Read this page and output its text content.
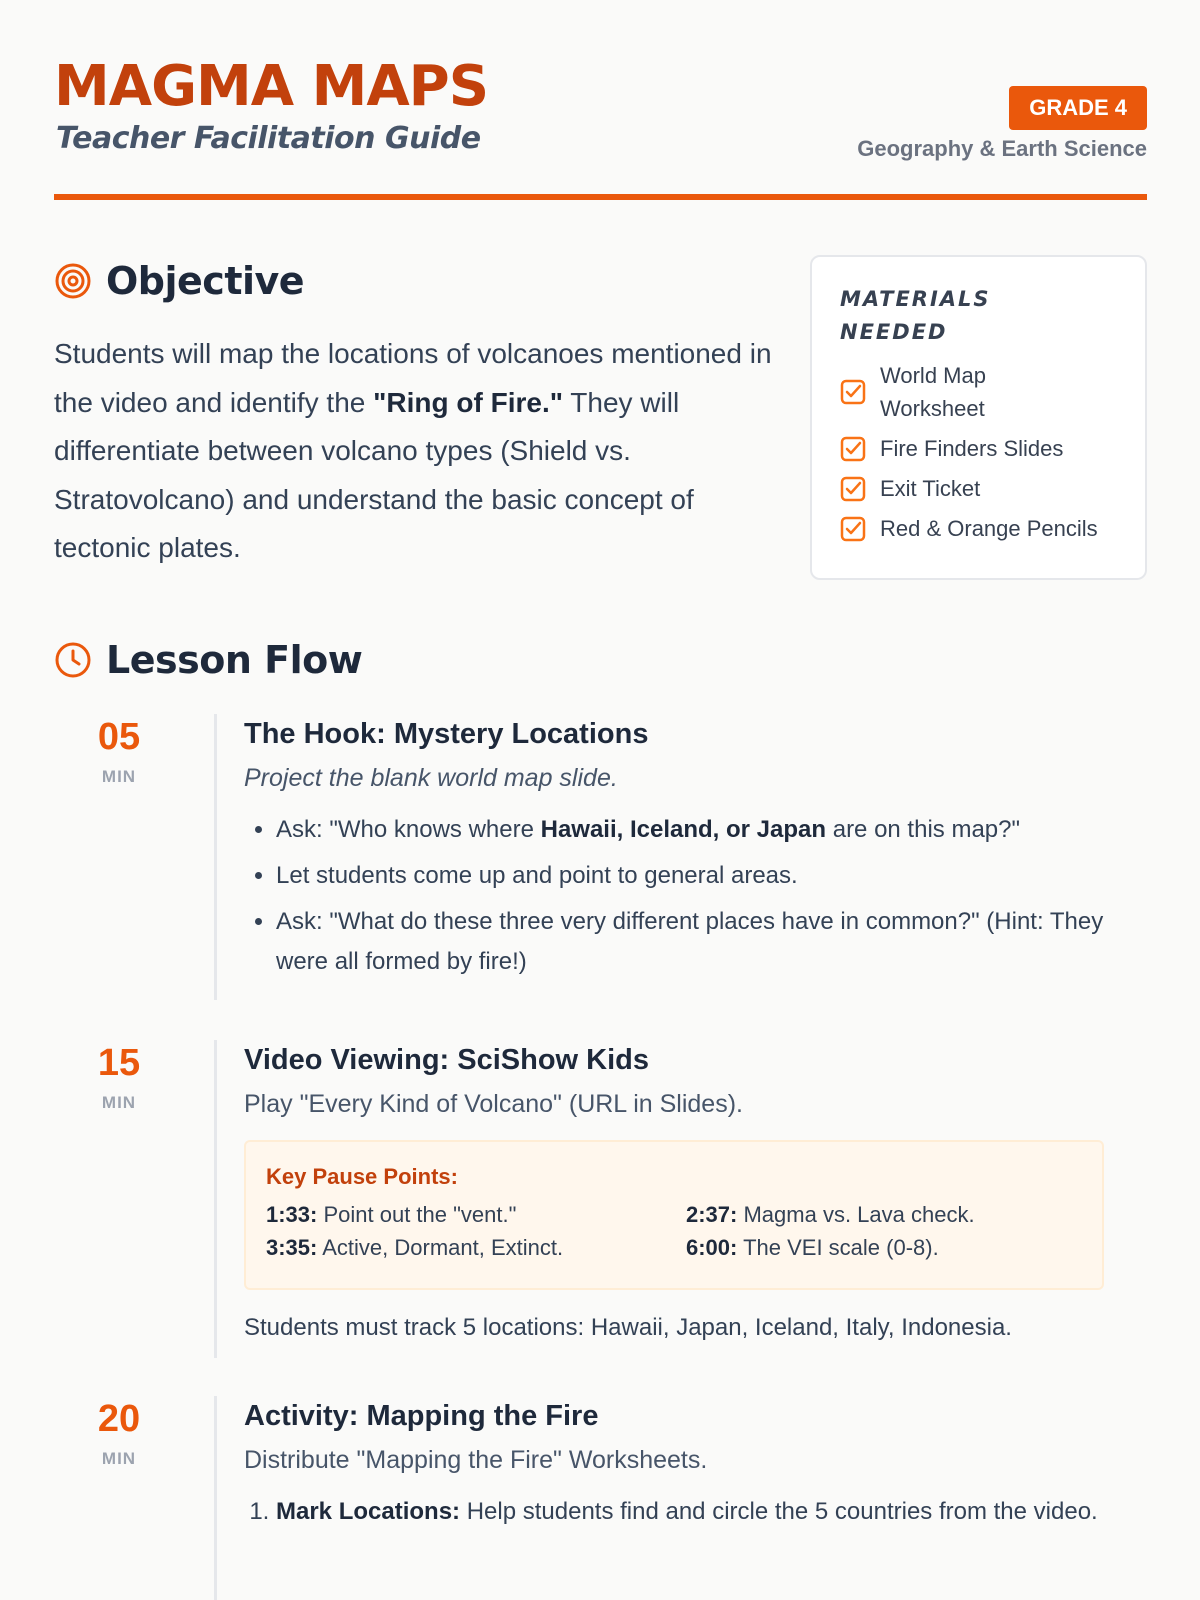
MAGMA MAPS
Teacher Facilitation Guide
GRADE 4
Geography & Earth Science
Objective

Students will map the locations of volcanoes mentioned in the video and identify the "Ring of Fire." They will differentiate between volcano types (Shield vs. Stratovolcano) and understand the basic concept of tectonic plates.

MATERIALS NEEDED
World Map Worksheet
Fire Finders Slides
Exit Ticket
Red & Orange Pencils
Lesson Flow
05
MIN
The Hook: Mystery Locations

Project the blank world map slide.

• Ask: "Who knows where Hawaii, Iceland, or Japan are on this map?"
• Let students come up and point to general areas.
• Ask: "What do these three very different places have in common?" (Hint: They were all formed by fire!)
15
MIN
Video Viewing: SciShow Kids

Play "Every Kind of Volcano" (URL in Slides).

Key Pause Points:
1:33: Point out the "vent."	2:37: Magma vs. Lava check.
3:35: Active, Dormant, Extinct.	6:00: The VEI scale (0-8).

Students must track 5 locations: Hawaii, Japan, Iceland, Italy, Indonesia.

20
MIN
Activity: Mapping the Fire

Distribute "Mapping the Fire" Worksheets.

1. Mark Locations: Help students find and circle the 5 countries from the video.
